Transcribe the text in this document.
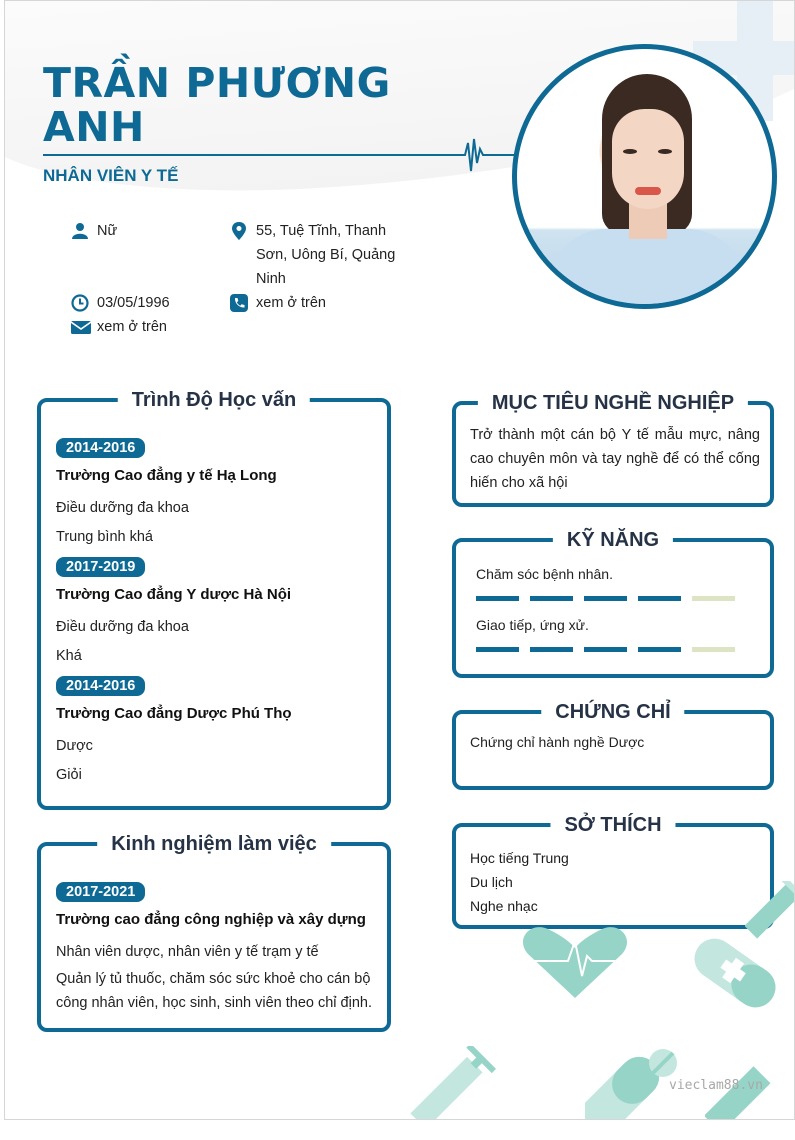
TRẦN PHƯƠNG
ANH
NHÂN VIÊN Y TẾ
Nữ
03/05/1996
xem ở trên
55, Tuệ Tĩnh, Thanh Sơn, Uông Bí, Quảng Ninh
xem ở trên
Trình Độ Học vấn
2014-2016
Trường Cao đẳng y tế Hạ Long
Điều dưỡng đa khoa
Trung bình khá
2017-2019
Trường Cao đẳng Y dược Hà Nội
Điều dưỡng đa khoa
Khá
2014-2016
Trường Cao đẳng Dược Phú Thọ
Dược
Giỏi
Kinh nghiệm làm việc
2017-2021
Trường cao đẳng công nghiệp và xây dựng
Nhân viên dược, nhân viên y tế trạm y tế
Quản lý tủ thuốc, chăm sóc sức khoẻ cho cán bộ công nhân viên, học sinh, sinh viên theo chỉ định.
MỤC TIÊU NGHỀ NGHIỆP
Trở thành một cán bộ Y tế mẫu mực, nâng cao chuyên môn và tay nghề để có thể cống hiến cho xã hội
KỸ NĂNG
Chăm sóc bệnh nhân.
Giao tiếp, ứng xử.
CHỨNG CHỈ
Chứng chỉ hành nghề Dược
SỞ THÍCH
Học tiếng Trung
Du lịch
Nghe nhạc
vieclam88.vn
